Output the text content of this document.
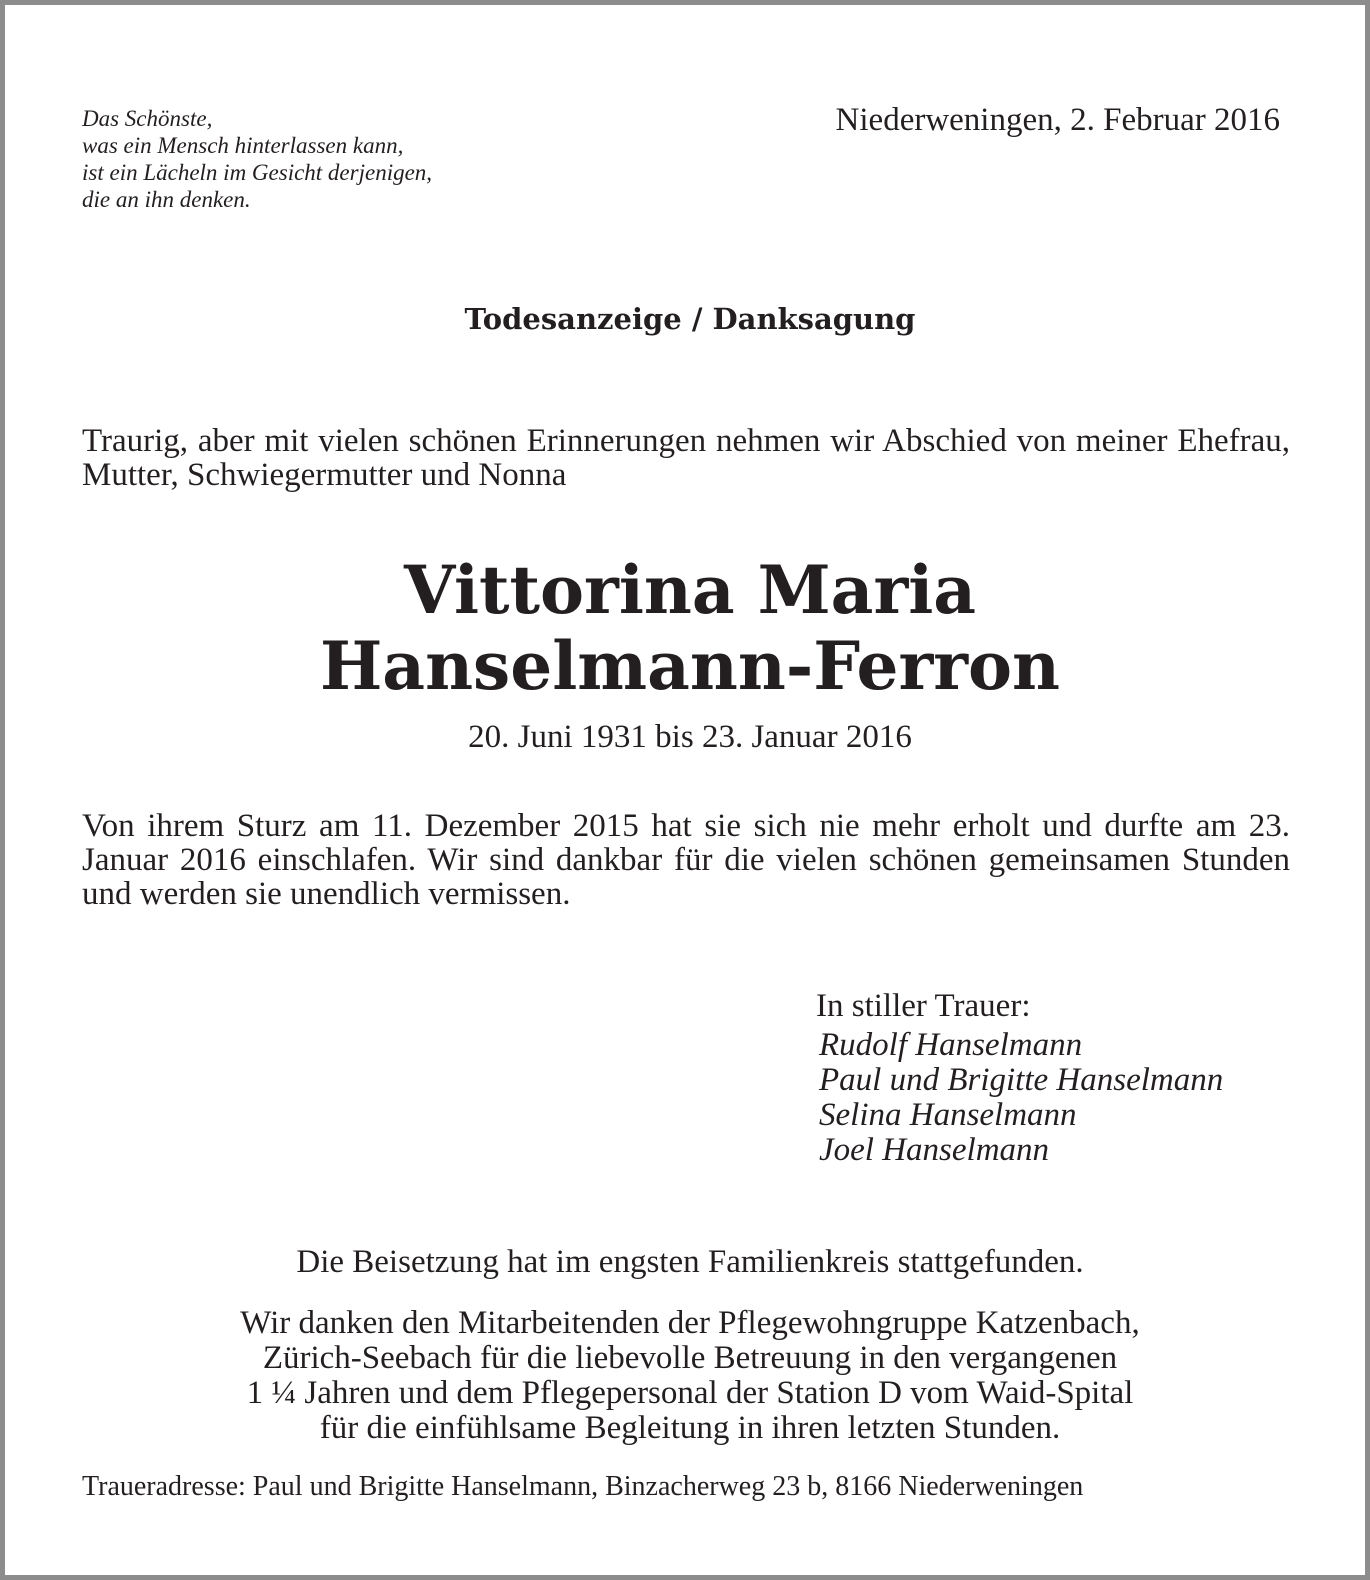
Das Schönste,
was ein Mensch hinterlassen kann,
ist ein Lächeln im Gesicht derjenigen,
die an ihn denken.
Niederweningen, 2. Februar 2016
Todesanzeige / Danksagung
Traurig, aber mit vielen schönen Erinnerungen nehmen wir Abschied von meiner Ehefrau, Mutter, Schwiegermutter und Nonna
Vittorina Maria
Hanselmann-Ferron
20. Juni 1931 bis 23. Januar 2016
Von ihrem Sturz am 11. Dezember 2015 hat sie sich nie mehr erholt und durfte am 23. Januar 2016 einschlafen. Wir sind dankbar für die vielen schönen gemeinsamen Stunden und werden sie unendlich vermissen.
In stiller Trauer:
Rudolf Hanselmann
Paul und Brigitte Hanselmann
Selina Hanselmann
Joel Hanselmann
Die Beisetzung hat im engsten Familienkreis stattgefunden.
Wir danken den Mitarbeitenden der Pflegewohngruppe Katzenbach,
Zürich-Seebach für die liebevolle Betreuung in den vergangenen
1 ¼ Jahren und dem Pflegepersonal der Station D vom Waid-Spital
für die einfühlsame Begleitung in ihren letzten Stunden.
Traueradresse: Paul und Brigitte Hanselmann, Binzacherweg 23 b, 8166 Niederweningen
